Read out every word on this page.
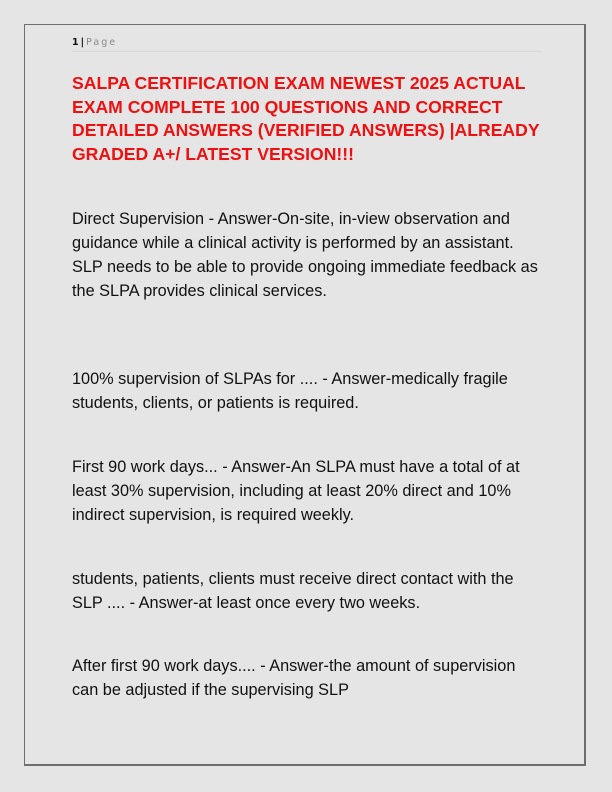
1 | Page
SALPA CERTIFICATION EXAM NEWEST 2025 ACTUAL EXAM COMPLETE 100 QUESTIONS AND CORRECT DETAILED ANSWERS (VERIFIED ANSWERS) |ALREADY GRADED A+/ LATEST VERSION!!!

Direct Supervision - Answer-On-site, in-view observation and guidance while a clinical activity is performed by an assistant. SLP needs to be able to provide ongoing immediate feedback as the SLPA provides clinical services.

100% supervision of SLPAs for .... - Answer-medically fragile students, clients, or patients is required.

First 90 work days... - Answer-An SLPA must have a total of at least 30% supervision, including at least 20% direct and 10% indirect supervision, is required weekly.

students, patients, clients must receive direct contact with the SLP .... - Answer-at least once every two weeks.

After first 90 work days.... - Answer-the amount of supervision can be adjusted if the supervising SLP
